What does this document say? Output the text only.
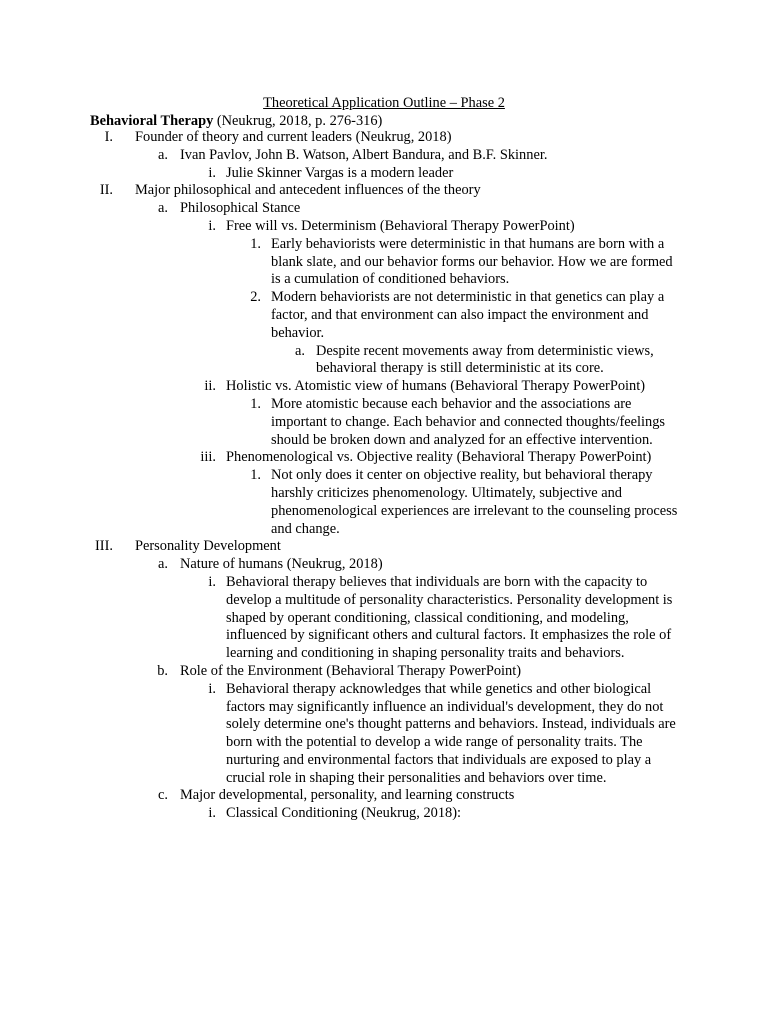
Theoretical Application Outline – Phase 2
Behavioral Therapy (Neukrug, 2018, p. 276-316)
I. Founder of theory and current leaders (Neukrug, 2018)
a. Ivan Pavlov, John B. Watson, Albert Bandura, and B.F. Skinner.
i. Julie Skinner Vargas is a modern leader
II. Major philosophical and antecedent influences of the theory
a. Philosophical Stance
i. Free will vs. Determinism (Behavioral Therapy PowerPoint)
1. Early behaviorists were deterministic in that humans are born with a blank slate, and our behavior forms our behavior. How we are formed is a cumulation of conditioned behaviors.
2. Modern behaviorists are not deterministic in that genetics can play a factor, and that environment can also impact the environment and behavior.
a. Despite recent movements away from deterministic views, behavioral therapy is still deterministic at its core.
ii. Holistic vs. Atomistic view of humans (Behavioral Therapy PowerPoint)
1. More atomistic because each behavior and the associations are important to change. Each behavior and connected thoughts/feelings should be broken down and analyzed for an effective intervention.
iii. Phenomenological vs. Objective reality (Behavioral Therapy PowerPoint)
1. Not only does it center on objective reality, but behavioral therapy harshly criticizes phenomenology. Ultimately, subjective and phenomenological experiences are irrelevant to the counseling process and change.
III. Personality Development
a. Nature of humans (Neukrug, 2018)
i. Behavioral therapy believes that individuals are born with the capacity to develop a multitude of personality characteristics. Personality development is shaped by operant conditioning, classical conditioning, and modeling, influenced by significant others and cultural factors. It emphasizes the role of learning and conditioning in shaping personality traits and behaviors.
b. Role of the Environment (Behavioral Therapy PowerPoint)
i. Behavioral therapy acknowledges that while genetics and other biological factors may significantly influence an individual's development, they do not solely determine one's thought patterns and behaviors. Instead, individuals are born with the potential to develop a wide range of personality traits. The nurturing and environmental factors that individuals are exposed to play a crucial role in shaping their personalities and behaviors over time.
c. Major developmental, personality, and learning constructs
i. Classical Conditioning (Neukrug, 2018):
